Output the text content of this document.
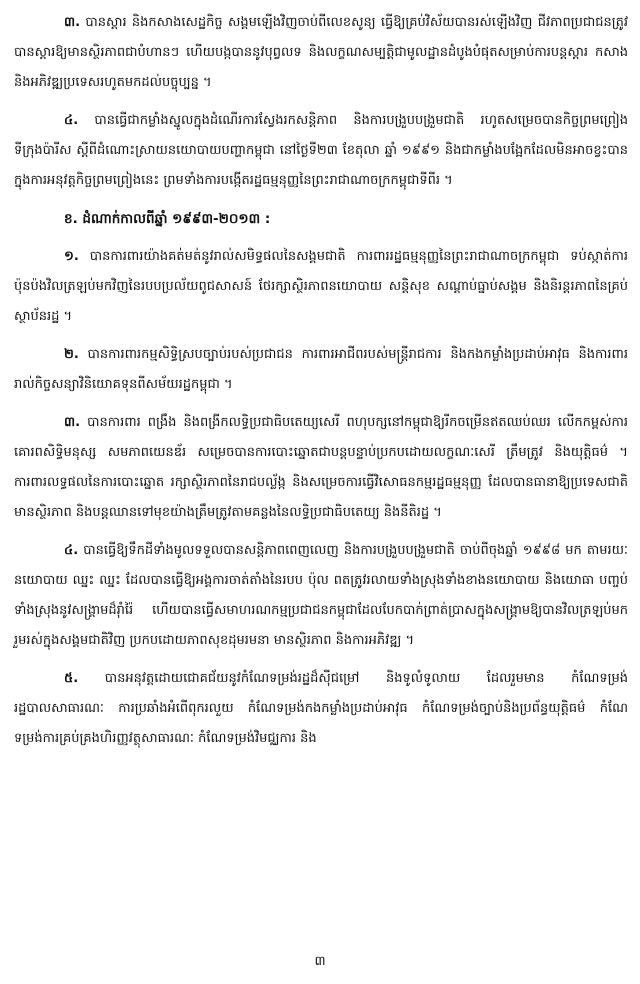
៣. បានស្តារ និងកសាងសេដ្ឋកិច្ច សង្គមឡើងវិញចាប់ពីលេខសូន្យ ធ្វើឱ្យគ្រប់វិស័យបានរស់ឡើងវិញ ជីវភាពប្រជាជនត្រូវបានស្តារឱ្យមានស្ថិរភាពជាបំហានៗ ហើយបង្កបាននូវបុព្វលទ និងលក្ខណសម្បត្តិជាមូលដ្ឋានដំបូងបំផុតសម្រាប់ការបន្តស្តារ កសាង និងអភិវឌ្ឍប្រទេសរហូតមកដល់បច្ចុប្បន្ន ។

៤. បានធ្វើជាកម្លាំងស្នូលក្នុងដំណើរការស្វែងរកសន្តិភាព និងការបង្រួបបង្រួមជាតិ រហូតសម្រេចបានកិច្ចព្រមព្រៀងទីក្រុងប៉ារីស ស្តីពីដំណោះស្រាយនយោបាយបញ្ហាកម្ពុជា នៅថ្ងៃទី២៣ ខែតុលា ឆ្នាំ ១៩៩១ និងជាកម្លាំងបង្អែកដែលមិនអាចខ្វះបានក្នុងការអនុវត្តកិច្ចព្រមព្រៀងនេះ ព្រមទាំងការបង្កើតរដ្ឋធម្មនុញ្ញនៃព្រះរាជាណាចក្រកម្ពុជាទីពីរ ។

ខ. ដំណាក់កាលពីឆ្នាំ ១៩៩៣-២០១៣ :

១. បានការពារយ៉ាងគត់មត់នូវរាល់សមិទ្ធផលនៃសង្គមជាតិ ការពាររដ្ឋធម្មនុញ្ញនៃព្រះរាជាណាចក្រកម្ពុជា ទប់ស្កាត់ការប៉ុនប៉ងវិលត្រឡប់មកវិញនៃរបបប្រល័យពូជសាសន៍ ថែរក្សាស្ថិរភាពនយោបាយ សន្តិសុខ សណ្តាប់ធ្នាប់សង្គម និងនិរន្តរភាពនៃគ្រប់ស្ថាប័នរដ្ឋ ។

២. បានការពារកម្មសិទ្ធិស្របច្បាប់របស់ប្រជាជន ការពារអាជីពរបស់មន្ត្រីរាជការ និងកងកម្លាំងប្រដាប់អាវុធ និងការពាររាល់កិច្ចសន្យាវិនិយោគទុនពីសម័យរដ្ឋកម្ពុជា ។

៣. បានការពារ ពង្រឹង និងពង្រីកលទ្ធិប្រជាធិបតេយ្យសេរី ពហុបក្សនៅកម្ពុជាឱ្យរីកចម្រើនឥតឈប់ឈរ លើកកម្ពស់ការគោរពសិទ្ធិមនុស្ស សមភាពយេនឌ័រ សម្រេចបានការបោះឆ្នោតជាបន្តបន្ទាប់ប្រកបដោយលក្ខណៈសេរី ត្រឹមត្រូវ និងយុត្តិធម៌ ។ ការពារលទ្ធផលនៃការបោះឆ្នោត រក្សាស្ថិរភាពនៃរាជបល្ល័ង្ក និងសម្រេចការធ្វើវិសោធនកម្មរដ្ឋធម្មនុញ្ញ ដែលបានធានាឱ្យប្រទេសជាតិមានស្ថិរភាព និងបន្តឈានទៅមុខយ៉ាងត្រឹមត្រូវតាមគន្លងនៃលទ្ធិប្រជាធិបតេយ្យ និងនីតិរដ្ឋ ។

៤. បានធ្វើឱ្យទឹកដីទាំងមូលទទួលបានសន្តិភាពពេញលេញ និងការបង្រួបបង្រួមជាតិ ចាប់ពីចុងឆ្នាំ ១៩៩៨ មក តាមរយៈនយោបាយ ឈ្នះ ឈ្នះ ដែលបានធ្វើឱ្យអង្គការចាត់តាំងនៃរបប ប៉ុល ពតត្រូវរលាយទាំងស្រុងទាំងខាងនយោបាយ និងយោធា បញ្ចប់ទាំងស្រុងនូវសង្គ្រាមដ៏រ៉ាំរ៉ៃ ហើយបានធ្វើសមាហរណកម្មប្រជាជនកម្ពុជាដែលបែកបាក់ព្រាត់ប្រាសក្នុងសង្គ្រាមឱ្យបានវិលត្រឡប់មករួមរស់ក្នុងសង្គមជាតិវិញ ប្រកបដោយភាពសុខដុមរមនា មានស្ថិរភាព និងការអភិវឌ្ឍ ។

៥. បានអនុវត្តដោយជោគជ័យនូវកំណែទម្រង់រដ្ឋដ៏ស៊ីជម្រៅ និងទូលំទូលាយ ដែលរួមមាន កំណែទម្រង់រដ្ឋបាលសាធារណៈ ការប្រឆាំងអំពើពុករលួយ កំណែទម្រង់កងកម្លាំងប្រដាប់អាវុធ កំណែទម្រង់ច្បាប់និងប្រព័ន្ធយុត្តិធម៌ កំណែទម្រង់ការគ្រប់គ្រងហិរញ្ញវត្ថុសាធារណៈ កំណែទម្រង់វិមជ្ឈការ និង

៣
